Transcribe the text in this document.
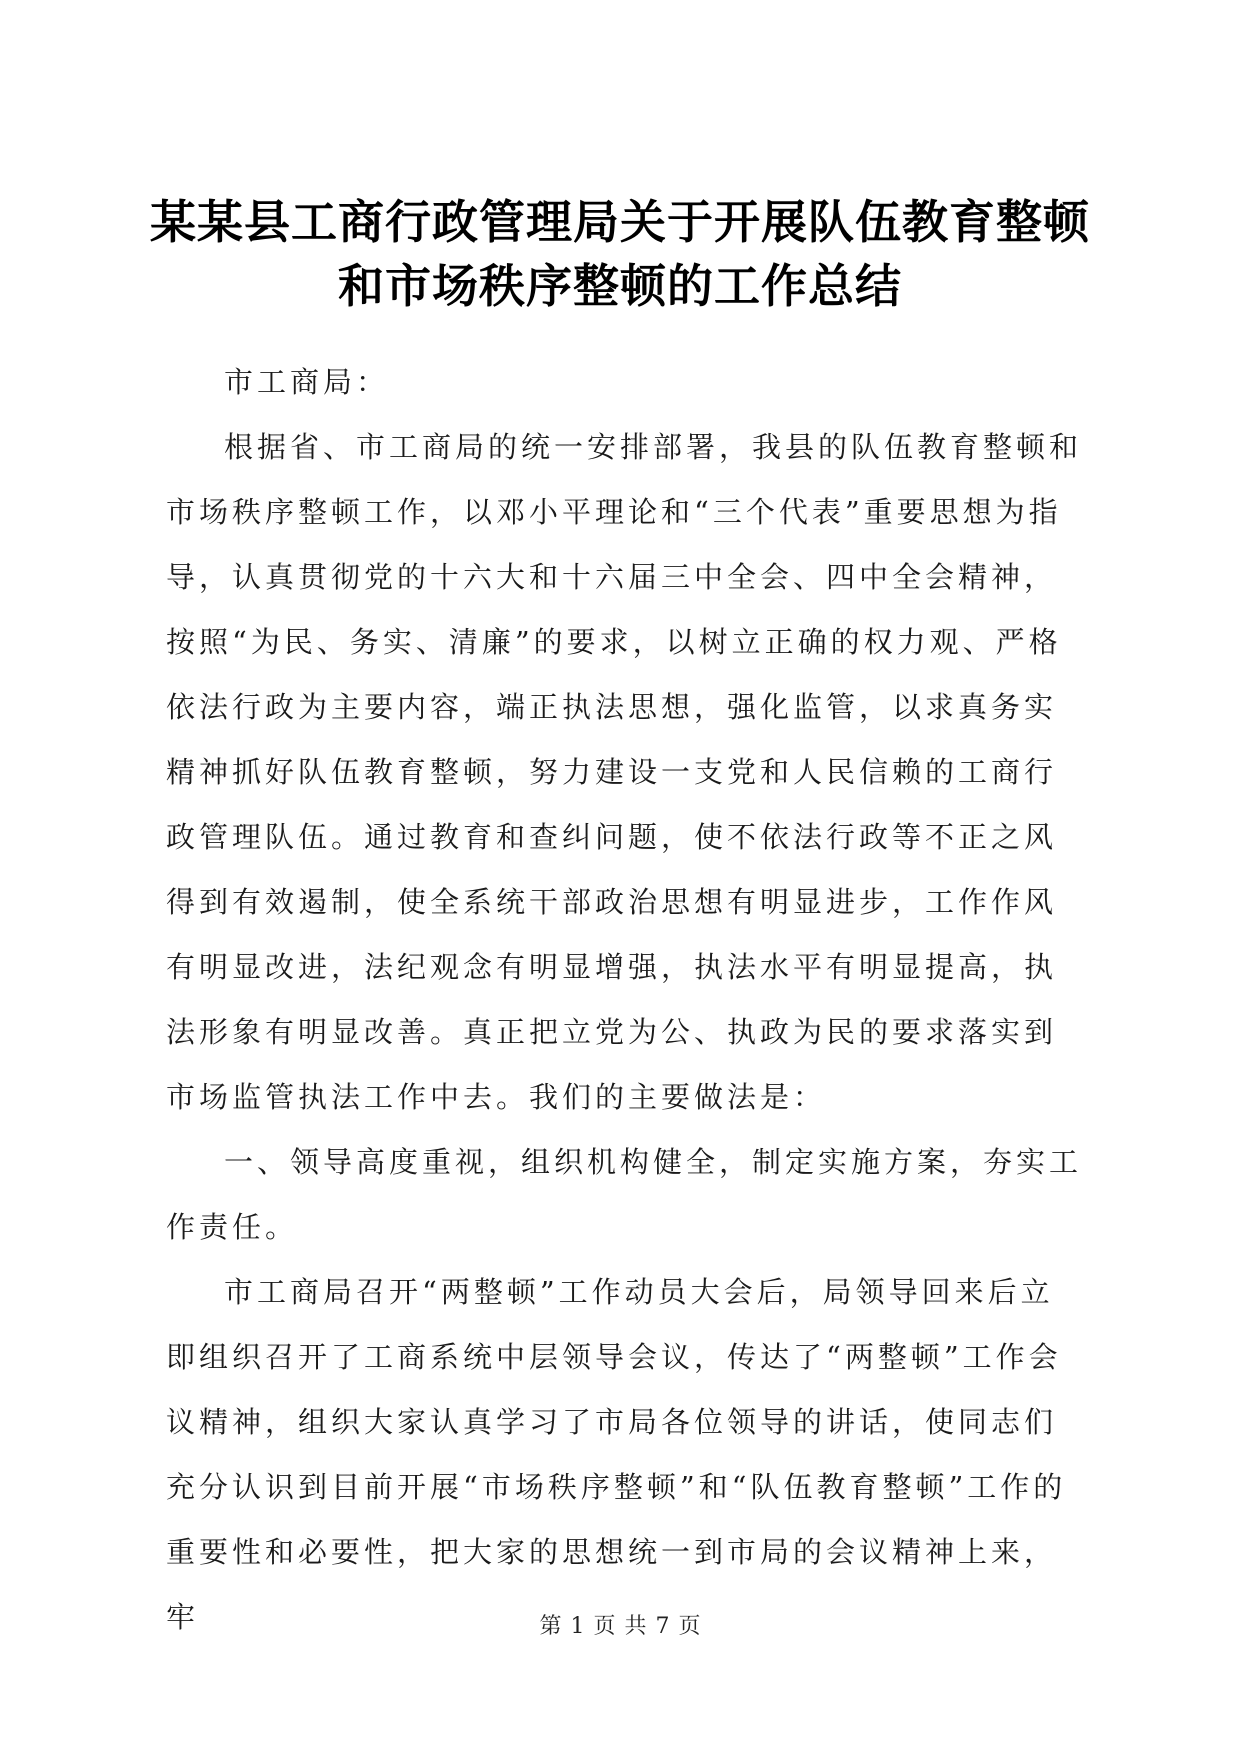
某某县工商行政管理局关于开展队伍教育整顿
和市场秩序整顿的工作总结

市工商局：

根据省、市工商局的统一安排部署，我县的队伍教育整顿和市场秩序整顿工作，以邓小平理论和“三个代表”重要思想为指导，认真贯彻党的十六大和十六届三中全会、四中全会精神，按照“为民、务实、清廉”的要求，以树立正确的权力观、严格依法行政为主要内容，端正执法思想，强化监管，以求真务实精神抓好队伍教育整顿，努力建设一支党和人民信赖的工商行政管理队伍。通过教育和查纠问题，使不依法行政等不正之风得到有效遏制，使全系统干部政治思想有明显进步，工作作风有明显改进，法纪观念有明显增强，执法水平有明显提高，执法形象有明显改善。真正把立党为公、执政为民的要求落实到市场监管执法工作中去。我们的主要做法是：

一、领导高度重视，组织机构健全，制定实施方案，夯实工作责任。

市工商局召开“两整顿”工作动员大会后，局领导回来后立即组织召开了工商系统中层领导会议，传达了“两整顿”工作会议精神，组织大家认真学习了市局各位领导的讲话，使同志们充分认识到目前开展“市场秩序整顿”和“队伍教育整顿”工作的重要性和必要性，把大家的思想统一到市局的会议精神上来，牢	第 1 页 共 7 页
